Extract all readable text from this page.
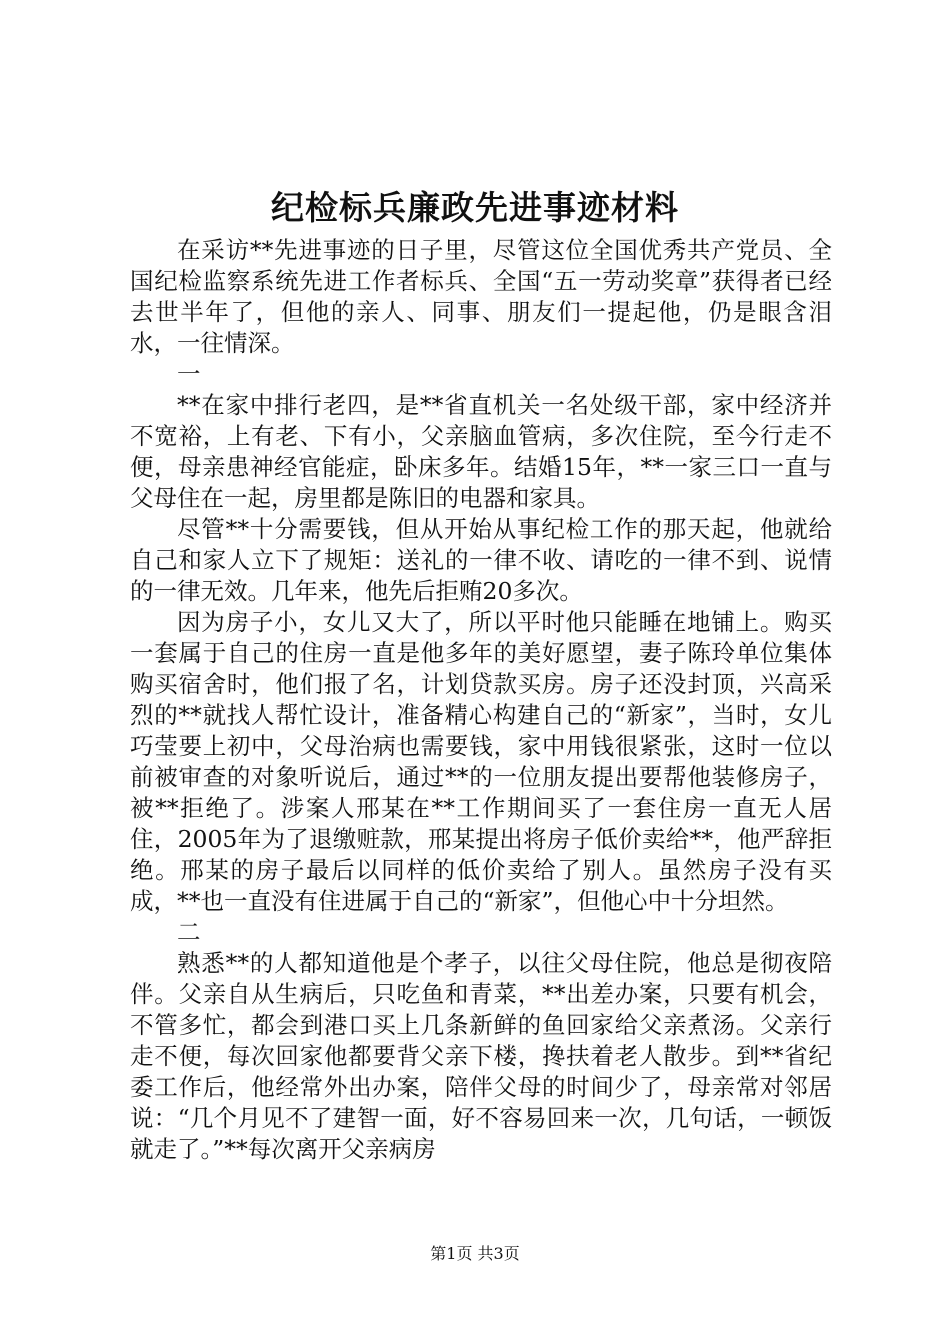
纪检标兵廉政先进事迹材料

在采访**先进事迹的日子里，尽管这位全国优秀共产党员、全国纪检监察系统先进工作者标兵、全国“五一劳动奖章”获得者已经去世半年了，但他的亲人、同事、朋友们一提起他，仍是眼含泪水，一往情深。

一

**在家中排行老四，是**省直机关一名处级干部，家中经济并不宽裕，上有老、下有小，父亲脑血管病，多次住院，至今行走不便，母亲患神经官能症，卧床多年。结婚15年，**一家三口一直与父母住在一起，房里都是陈旧的电器和家具。

尽管**十分需要钱，但从开始从事纪检工作的那天起，他就给自己和家人立下了规矩：送礼的一律不收、请吃的一律不到、说情的一律无效。几年来，他先后拒贿20多次。

因为房子小，女儿又大了，所以平时他只能睡在地铺上。购买一套属于自己的住房一直是他多年的美好愿望，妻子陈玲单位集体购买宿舍时，他们报了名，计划贷款买房。房子还没封顶，兴高采烈的**就找人帮忙设计，准备精心构建自己的“新家”，当时，女儿巧莹要上初中，父母治病也需要钱，家中用钱很紧张，这时一位以前被审查的对象听说后，通过**的一位朋友提出要帮他装修房子，被**拒绝了。涉案人邢某在**工作期间买了一套住房一直无人居住，2005年为了退缴赃款，邢某提出将房子低价卖给**，他严辞拒绝。邢某的房子最后以同样的低价卖给了别人。虽然房子没有买成，**也一直没有住进属于自己的“新家”，但他心中十分坦然。

二

熟悉**的人都知道他是个孝子，以往父母住院，他总是彻夜陪伴。父亲自从生病后，只吃鱼和青菜，**出差办案，只要有机会，不管多忙，都会到港口买上几条新鲜的鱼回家给父亲煮汤。父亲行走不便，每次回家他都要背父亲下楼，搀扶着老人散步。到**省纪委工作后，他经常外出办案，陪伴父母的时间少了，母亲常对邻居说：“几个月见不了建智一面，好不容易回来一次，几句话，一顿饭就走了。”**每次离开父亲病房

第1页 共3页
